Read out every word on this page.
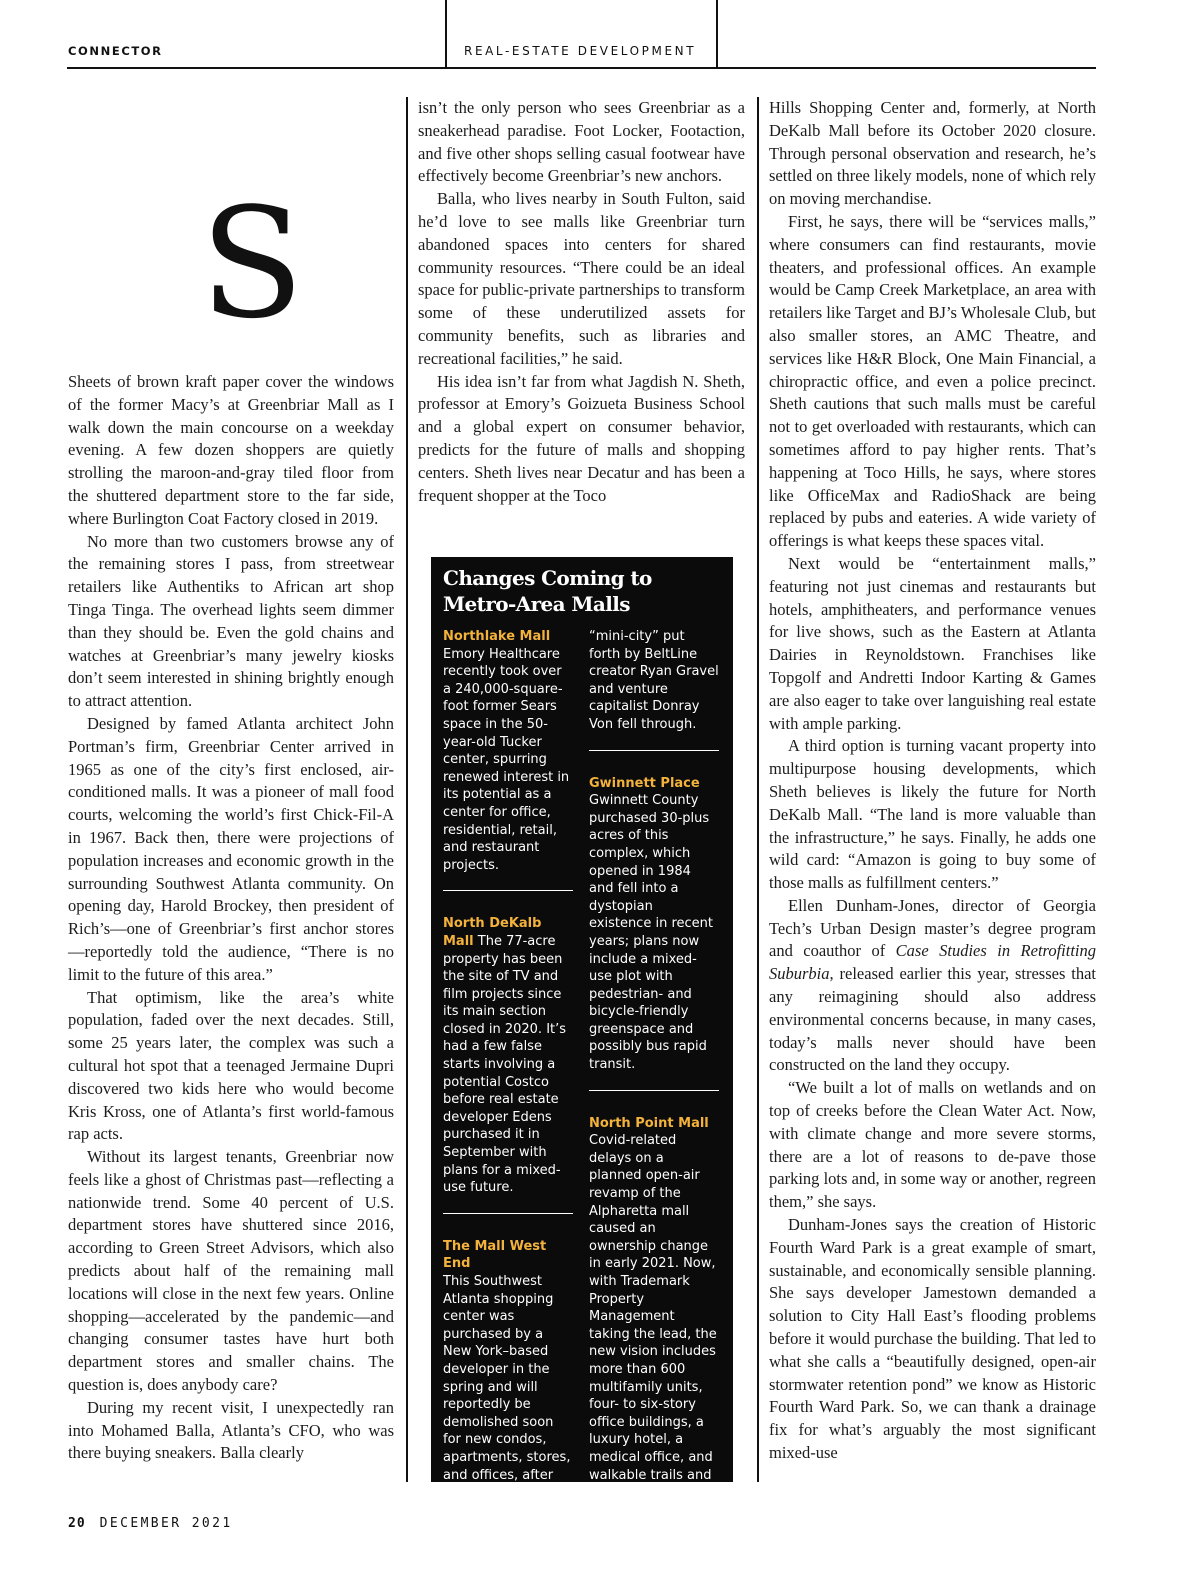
CONNECTOR	REAL-ESTATE DEVELOPMENT
S

Sheets of brown kraft paper cover the windows of the former Macy’s at Greenbriar Mall as I walk down the main concourse on a weekday evening. A few dozen shoppers are quietly strolling the maroon-and-gray tiled floor from the shuttered department store to the far side, where Burlington Coat Factory closed in 2019.

No more than two customers browse any of the remaining stores I pass, from streetwear retailers like Authentiks to African art shop Tinga Tinga. The overhead lights seem dimmer than they should be. Even the gold chains and watches at Greenbriar’s many jewelry kiosks don’t seem interested in shining brightly enough to attract attention.

Designed by famed Atlanta architect John Portman’s firm, Greenbriar Center arrived in 1965 as one of the city’s first enclosed, air-conditioned malls. It was a pioneer of mall food courts, welcoming the world’s first Chick-Fil-A in 1967. Back then, there were projections of population increases and economic growth in the surrounding Southwest Atlanta community. On opening day, Harold Brockey, then president of Rich’s—one of Greenbriar’s first anchor stores—reportedly told the audience, “There is no limit to the future of this area.”

That optimism, like the area’s white population, faded over the next decades. Still, some 25 years later, the complex was such a cultural hot spot that a teenaged Jermaine Dupri discovered two kids here who would become Kris Kross, one of Atlanta’s first world-famous rap acts.

Without its largest tenants, Greenbriar now feels like a ghost of Christmas past—reflecting a nationwide trend. Some 40 percent of U.S. department stores have shuttered since 2016, according to Green Street Advisors, which also predicts about half of the remaining mall locations will close in the next few years. Online shopping—accelerated by the pandemic—and changing consumer tastes have hurt both department stores and smaller chains. The question is, does anybody care?

During my recent visit, I unexpectedly ran into Mohamed Balla, Atlanta’s CFO, who was there buying sneakers. Balla clearly

isn’t the only person who sees Greenbriar as a sneakerhead paradise. Foot Locker, Footaction, and five other shops selling casual footwear have effectively become Greenbriar’s new anchors.

Balla, who lives nearby in South Fulton, said he’d love to see malls like Greenbriar turn abandoned spaces into centers for shared community resources. “There could be an ideal space for public-private partnerships to transform some of these underutilized assets for community benefits, such as libraries and recreational facilities,” he said.

His idea isn’t far from what Jagdish N. Sheth, professor at Emory’s Goizueta Business School and a global expert on consumer behavior, predicts for the future of malls and shopping centers. Sheth lives near Decatur and has been a frequent shopper at the Toco

Changes Coming to Metro-Area Malls

Northlake Mall
Emory Healthcare recently took over a 240,000-square-foot former Sears space in the 50-year-old Tucker center, spurring renewed interest in its potential as a center for office, residential, retail, and restaurant projects.

North DeKalb Mall The 77-acre property has been the site of TV and film projects since its main section closed in 2020. It’s had a few false starts involving a potential Costco before real estate developer Edens purchased it in September with plans for a mixed-use future.

The Mall West End
This Southwest Atlanta shopping center was purchased by a New York–based developer in the spring and will reportedly be demolished soon for new condos, apartments, stores, and offices, after plans for a transit-connected

“mini-city” put forth by BeltLine creator Ryan Gravel and venture capitalist Donray Von fell through.

Gwinnett Place
Gwinnett County purchased 30-plus acres of this complex, which opened in 1984 and fell into a dystopian existence in recent years; plans now include a mixed-use plot with pedestrian- and bicycle-friendly greenspace and possibly bus rapid transit.

North Point Mall
Covid-related delays on a planned open-air revamp of the Alpharetta mall caused an ownership change in early 2021. Now, with Trademark Property Management taking the lead, the new vision includes more than 600 multifamily units, four- to six-story office buildings, a luxury hotel, a medical office, and walkable trails and paths.

Hills Shopping Center and, formerly, at North DeKalb Mall before its October 2020 closure. Through personal observation and research, he’s settled on three likely models, none of which rely on moving merchandise.

First, he says, there will be “services malls,” where consumers can find restaurants, movie theaters, and professional offices. An example would be Camp Creek Marketplace, an area with retailers like Target and BJ’s Wholesale Club, but also smaller stores, an AMC Theatre, and services like H&R Block, One Main Financial, a chiropractic office, and even a police precinct. Sheth cautions that such malls must be careful not to get overloaded with restaurants, which can sometimes afford to pay higher rents. That’s happening at Toco Hills, he says, where stores like OfficeMax and RadioShack are being replaced by pubs and eateries. A wide variety of offerings is what keeps these spaces vital.

Next would be “entertainment malls,” featuring not just cinemas and restaurants but hotels, amphitheaters, and performance venues for live shows, such as the Eastern at Atlanta Dairies in Reynoldstown. Franchises like Topgolf and Andretti Indoor Karting & Games are also eager to take over languishing real estate with ample parking.

A third option is turning vacant property into multipurpose housing developments, which Sheth believes is likely the future for North DeKalb Mall. “The land is more valuable than the infrastructure,” he says. Finally, he adds one wild card: “Amazon is going to buy some of those malls as fulfillment centers.”

Ellen Dunham-Jones, director of Georgia Tech’s Urban Design master’s degree program and coauthor of Case Studies in Retrofitting Suburbia, released earlier this year, stresses that any reimagining should also address environmental concerns because, in many cases, today’s malls never should have been constructed on the land they occupy.

“We built a lot of malls on wetlands and on top of creeks before the Clean Water Act. Now, with climate change and more severe storms, there are a lot of reasons to de-pave those parking lots and, in some way or another, regreen them,” she says.

Dunham-Jones says the creation of Historic Fourth Ward Park is a great example of smart, sustainable, and economically sensible planning. She says developer Jamestown demanded a solution to City Hall East’s flooding problems before it would purchase the building. That led to what she calls a “beautifully designed, open-air stormwater retention pond” we know as Historic Fourth Ward Park. So, we can thank a drainage fix for what’s arguably the most significant mixed-use

20 DECEMBER 2021
